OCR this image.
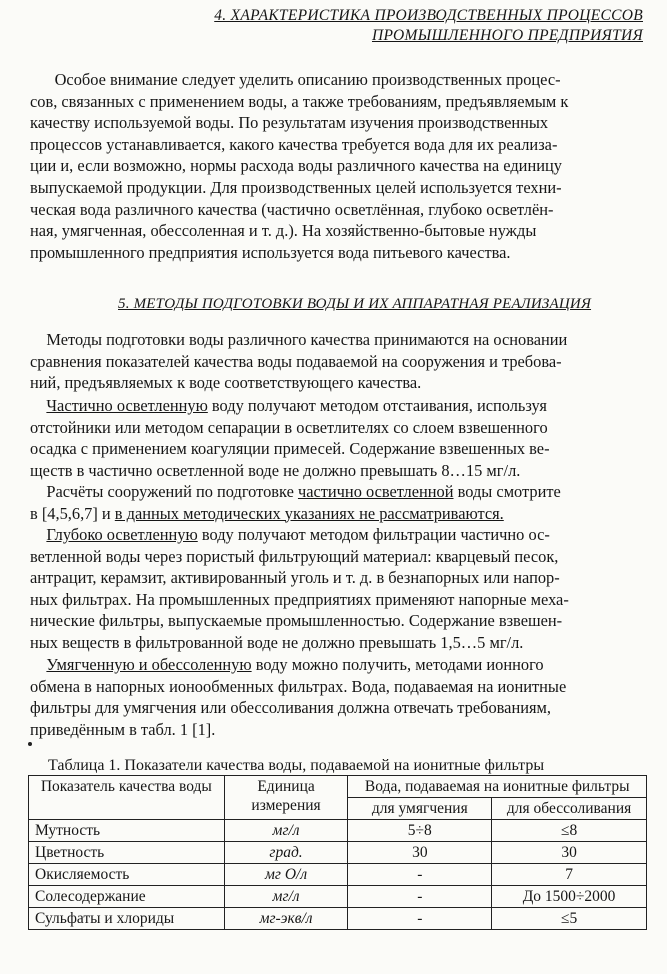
4. ХАРАКТЕРИСТИКА ПРОИЗВОДСТВЕННЫХ ПРОЦЕССОВ
ПРОМЫШЛЕННОГО ПРЕДПРИЯТИЯ
Особое внимание следует уделить описанию производственных процес-
сов, связанных с применением воды, а также требованиям, предъявляемым к
качеству используемой воды. По результатам изучения производственных
процессов устанавливается, какого качества требуется вода для их реализа-
ции и, если возможно, нормы расхода воды различного качества на единицу
выпускаемой продукции. Для производственных целей используется техни-
ческая вода различного качества (частично осветлённая, глубоко осветлён-
ная, умягченная, обессоленная и т. д.). На хозяйственно-бытовые нужды
промышленного предприятия используется вода питьевого качества.
5. МЕТОДЫ ПОДГОТОВКИ ВОДЫ И ИХ АППАРАТНАЯ РЕАЛИЗАЦИЯ
Методы подготовки воды различного качества принимаются на основании
сравнения показателей качества воды подаваемой на сооружения и требова-
ний, предъявляемых к воде соответствующего качества.
Частично осветленную воду получают методом отстаивания, используя
отстойники или методом сепарации в осветлителях со слоем взвешенного
осадка с применением коагуляции примесей. Содержание взвешенных ве-
ществ в частично осветленной воде не должно превышать 8…15 мг/л.
Расчёты сооружений по подготовке частично осветленной воды смотрите
в [4,5,6,7] и в данных методических указаниях не рассматриваются.
Глубоко осветленную воду получают методом фильтрации частично ос-
ветленной воды через пористый фильтрующий материал: кварцевый песок,
антрацит, керамзит, активированный уголь и т. д. в безнапорных или напор-
ных фильтрах. На промышленных предприятиях применяют напорные меха-
нические фильтры, выпускаемые промышленностью. Содержание взвешен-
ных веществ в фильтрованной воде не должно превышать 1,5…5 мг/л.
Умягченную и обессоленную воду можно получить, методами ионного
обмена в напорных ионообменных фильтрах. Вода, подаваемая на ионитные
фильтры для умягчения или обессоливания должна отвечать требованиям,
приведённым в табл. 1 [1].
Таблица 1. Показатели качества воды, подаваемой на ионитные фильтры
Показатель качества воды	Единица измерения	Вода, подаваемая на ионитные фильтры	
		для умягчения	для обессоливания
Мутность	мг/л	5÷8	≤8
Цветность	град.	30	30
Окисляемость	мг О/л	-	7
Солесодержание	мг/л	-	До 1500÷2000
Сульфаты и хлориды	мг-экв/л	-	≤5
